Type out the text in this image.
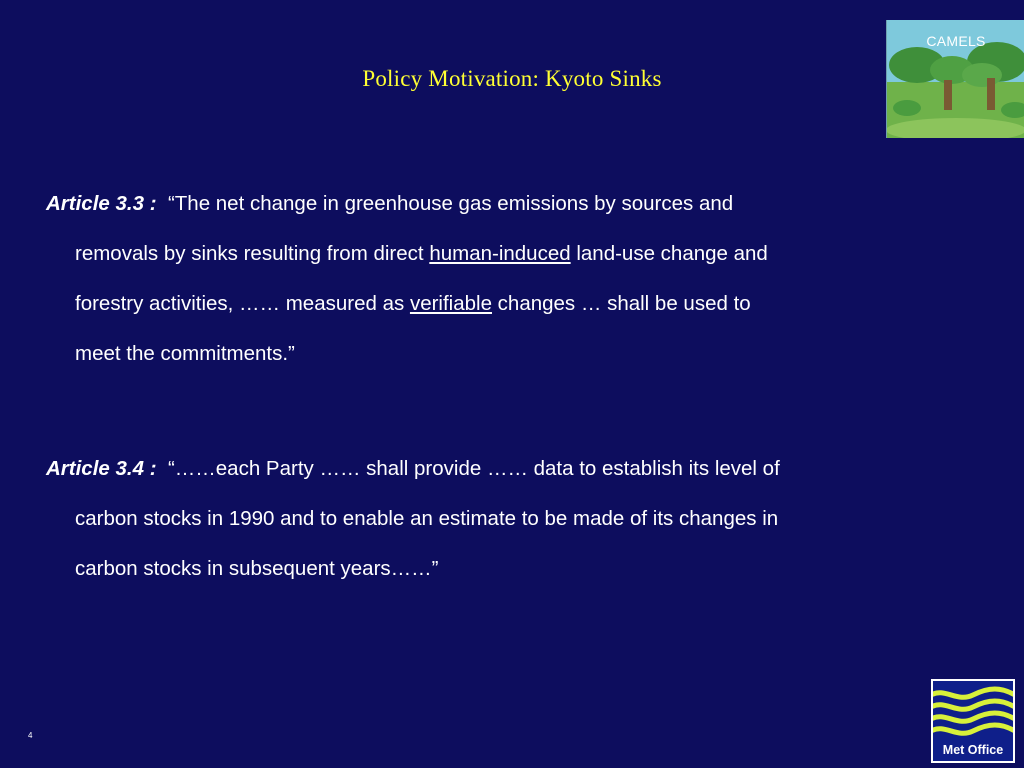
CAMELS
Policy Motivation: Kyoto Sinks
Article 3.3 : “The net change in greenhouse gas emissions by sources and
removals by sinks resulting from direct human-induced land-use change and
forestry activities, …… measured as verifiable changes … shall be used to
meet the commitments.”
Article 3.4 : “……each Party …… shall provide …… data to establish its level of
carbon stocks in 1990 and to enable an estimate to be made of its changes in
carbon stocks in subsequent years……”
4
Met Office
